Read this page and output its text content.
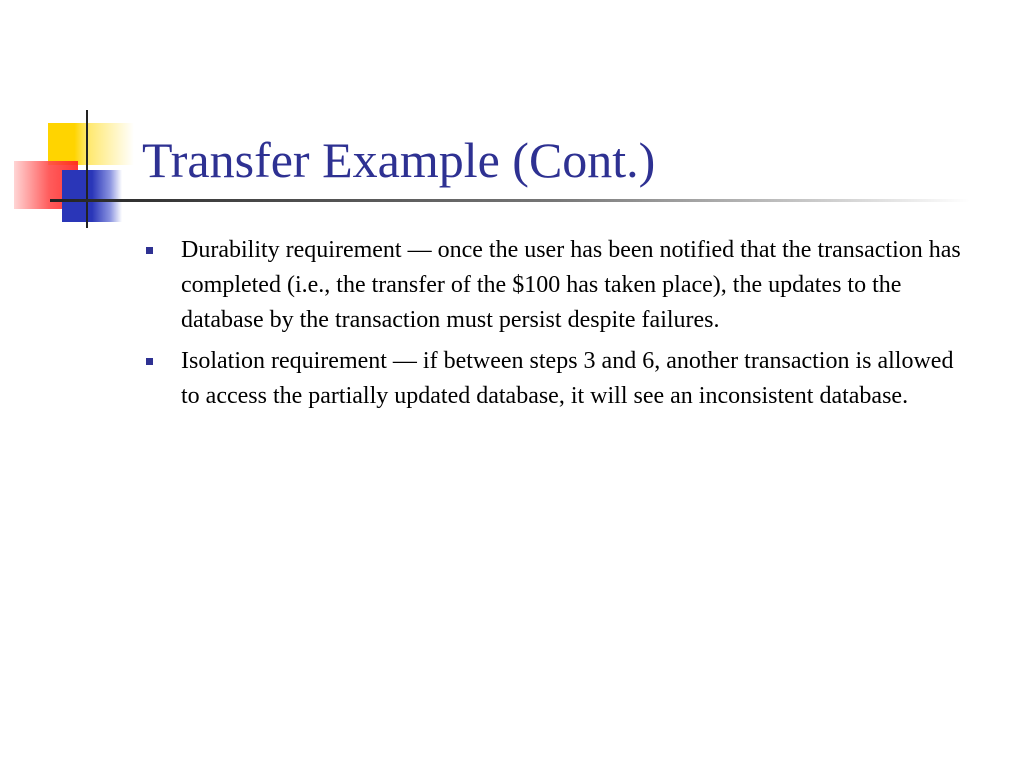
Transfer Example (Cont.)
Durability requirement — once the user has been notified that the transaction has completed (i.e., the transfer of the $100 has taken place), the updates to the database by the transaction must persist despite failures.
Isolation requirement — if between steps 3 and 6, another transaction is allowed to access the partially updated database, it will see an inconsistent database.
